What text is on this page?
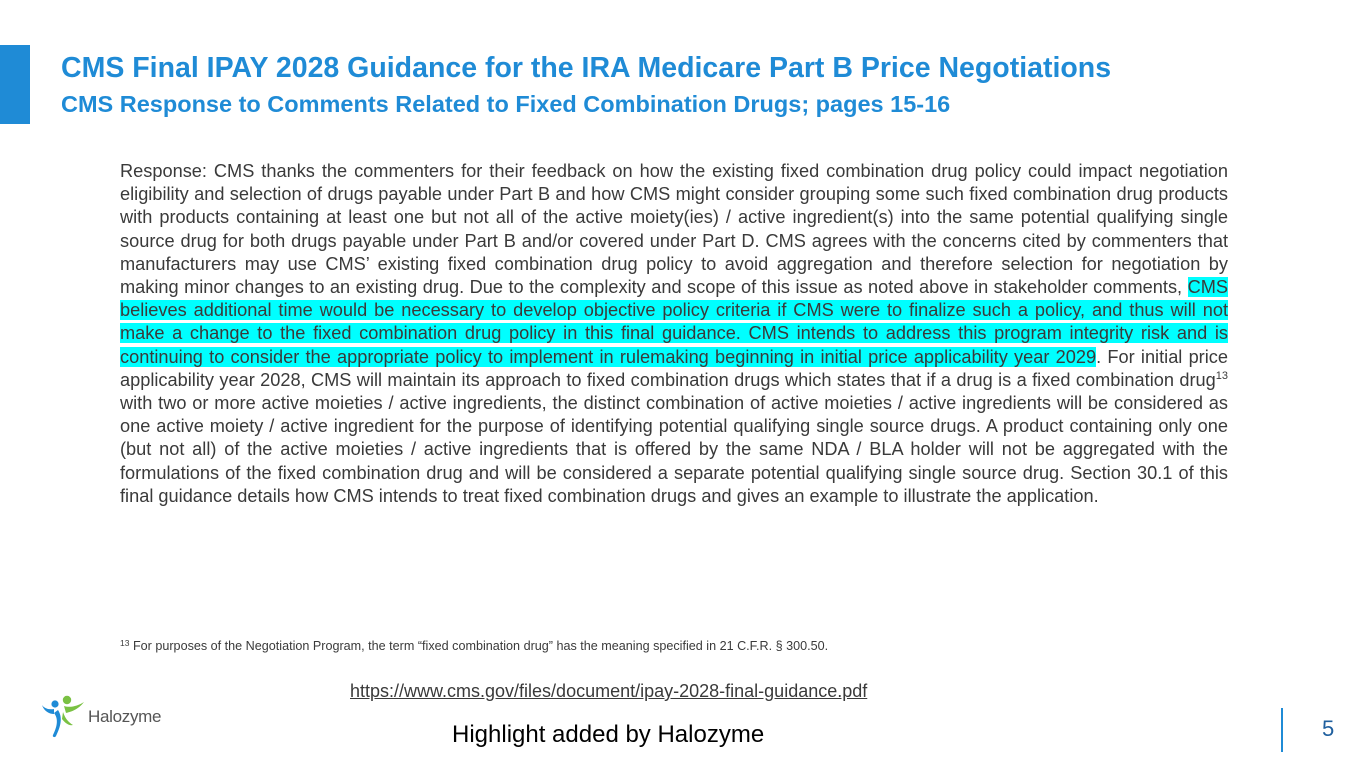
CMS Final IPAY 2028 Guidance for the IRA Medicare Part B Price Negotiations
CMS Response to Comments Related to Fixed Combination Drugs; pages 15-16

Response: CMS thanks the commenters for their feedback on how the existing fixed combination drug policy could impact negotiation eligibility and selection of drugs payable under Part B and how CMS might consider grouping some such fixed combination drug products with products containing at least one but not all of the active moiety(ies) / active ingredient(s) into the same potential qualifying single source drug for both drugs payable under Part B and/or covered under Part D. CMS agrees with the concerns cited by commenters that manufacturers may use CMS’ existing fixed combination drug policy to avoid aggregation and therefore selection for negotiation by making minor changes to an existing drug. Due to the complexity and scope of this issue as noted above in stakeholder comments, CMS believes additional time would be necessary to develop objective policy criteria if CMS were to finalize such a policy, and thus will not make a change to the fixed combination drug policy in this final guidance. CMS intends to address this program integrity risk and is continuing to consider the appropriate policy to implement in rulemaking beginning in initial price applicability year 2029. For initial price applicability year 2028, CMS will maintain its approach to fixed combination drugs which states that if a drug is a fixed combination drug$^{13}$ with two or more active moieties / active ingredients, the distinct combination of active moieties / active ingredients will be considered as one active moiety / active ingredient for the purpose of identifying potential qualifying single source drugs. A product containing only one (but not all) of the active moieties / active ingredients that is offered by the same NDA / BLA holder will not be aggregated with the formulations of the fixed combination drug and will be considered a separate potential qualifying single source drug. Section 30.1 of this final guidance details how CMS intends to treat fixed combination drugs and gives an example to illustrate the application.

$^{13}$ For purposes of the Negotiation Program, the term “fixed combination drug” has the meaning specified in 21 C.F.R. § 300.50.

https://www.cms.gov/files/document/ipay-2028-final-guidance.pdf
Highlight added by Halozyme
Halozyme	5
